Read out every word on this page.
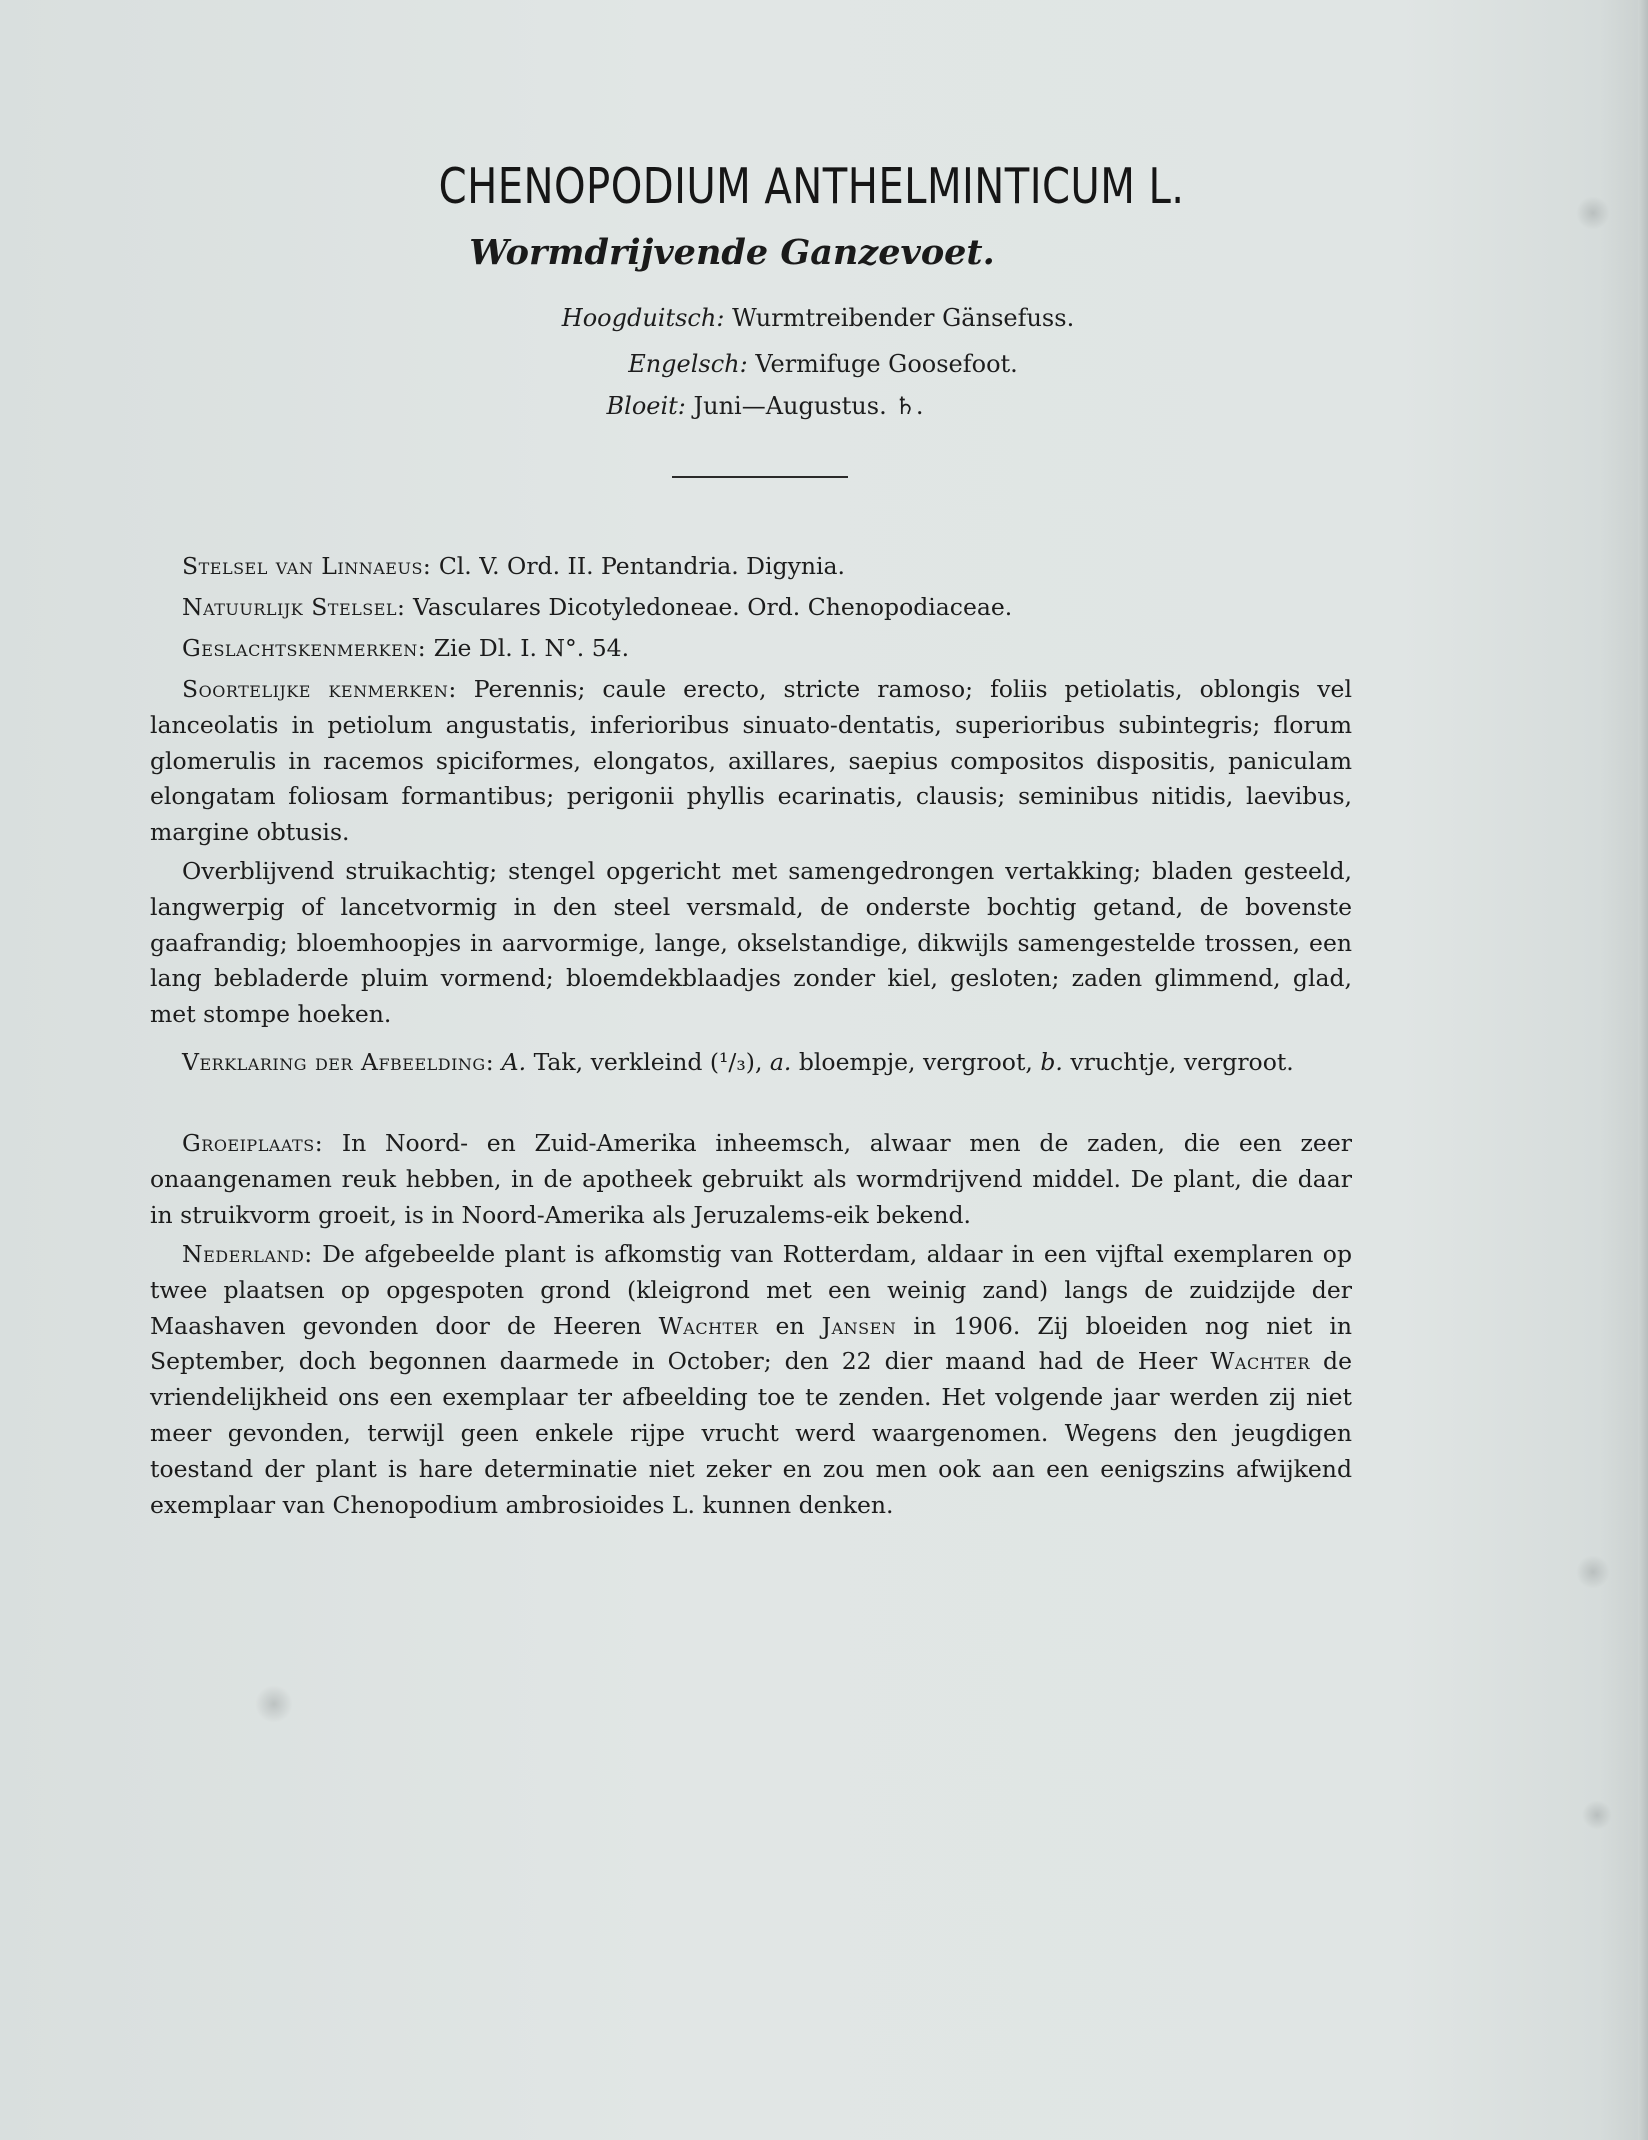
CHENOPODIUM ANTHELMINTICUM L.
Wormdrijvende Ganzevoet.
Hoogduitsch: Wurmtreibender Gänsefuss.
Engelsch: Vermifuge Goosefoot.
Bloeit: Juni—Augustus. ♄.

Stelsel van Linnaeus: Cl. V. Ord. II. Pentandria. Digynia.

Natuurlijk Stelsel: Vasculares Dicotyledoneae. Ord. Chenopodiaceae.

Geslachtskenmerken: Zie Dl. I. N°. 54.

Soortelijke kenmerken: Perennis; caule erecto, stricte ramoso; foliis petiolatis, oblongis vel lanceolatis in petiolum angustatis, inferioribus sinuato-dentatis, superioribus subintegris; florum glomerulis in racemos spiciformes, elongatos, axillares, saepius compositos dispositis, paniculam elongatam foliosam formantibus; perigonii phyllis ecarinatis, clausis; seminibus nitidis, laevibus, margine obtusis.

Overblijvend struikachtig; stengel opgericht met samengedrongen vertakking; bladen gesteeld, langwerpig of lancetvormig in den steel versmald, de onderste bochtig getand, de bovenste gaafrandig; bloemhoopjes in aarvormige, lange, okselstandige, dikwijls samengestelde trossen, een lang bebladerde pluim vormend; bloemdekblaadjes zonder kiel, gesloten; zaden glimmend, glad, met stompe hoeken.

Verklaring der Afbeelding: A. Tak, verkleind (¹/₃), a. bloempje, vergroot, b. vruchtje, vergroot.

Groeiplaats: In Noord- en Zuid-Amerika inheemsch, alwaar men de zaden, die een zeer onaangenamen reuk hebben, in de apotheek gebruikt als wormdrijvend middel. De plant, die daar in struikvorm groeit, is in Noord-Amerika als Jeruzalems-eik bekend.

Nederland: De afgebeelde plant is afkomstig van Rotterdam, aldaar in een vijftal exemplaren op twee plaatsen op opgespoten grond (kleigrond met een weinig zand) langs de zuidzijde der Maashaven gevonden door de Heeren Wachter en Jansen in 1906. Zij bloeiden nog niet in September, doch begonnen daarmede in October; den 22 dier maand had de Heer Wachter de vriendelijkheid ons een exemplaar ter afbeelding toe te zenden. Het volgende jaar werden zij niet meer gevonden, terwijl geen enkele rijpe vrucht werd waargenomen. Wegens den jeugdigen toestand der plant is hare determinatie niet zeker en zou men ook aan een eenigszins afwijkend exemplaar van Chenopodium ambrosioides L. kunnen denken.
